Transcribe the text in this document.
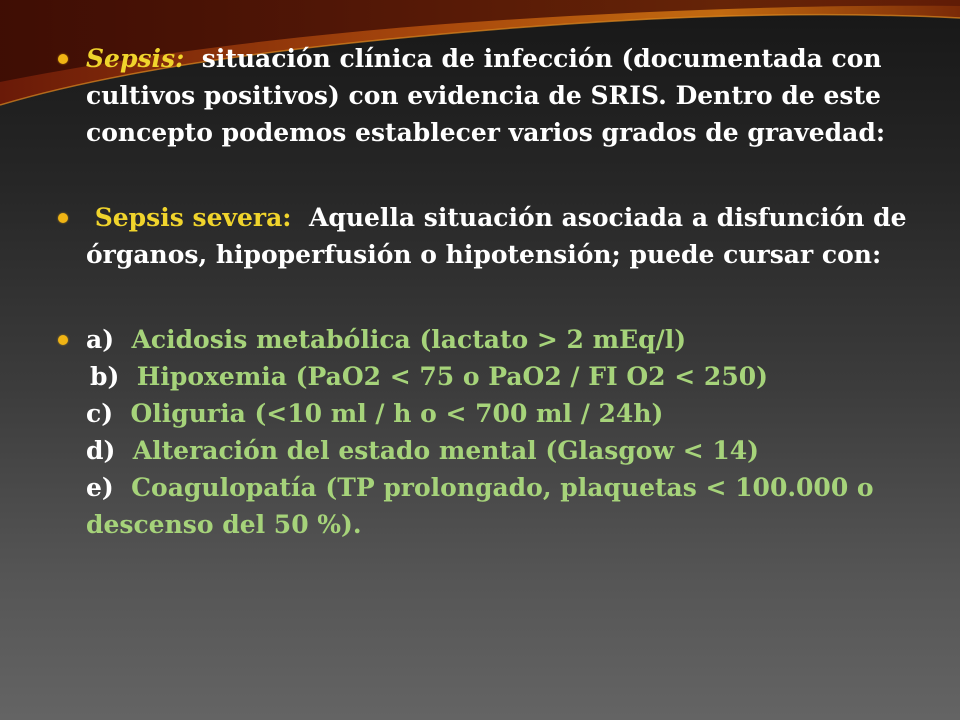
Sepsis: situación clínica de infección (documentada con cultivos positivos) con evidencia de SRIS. Dentro de este concepto podemos establecer varios grados de gravedad:
Sepsis severa: Aquella situación asociada a disfunción de órganos, hipoperfusión o hipotensión; puede cursar con:
a) Acidosis metabólica (lactato > 2 mEq/l)
b) Hipoxemia (PaO2 < 75 o PaO2 / FI O2 < 250)
c) Oliguria (<10 ml / h o < 700 ml / 24h)
d) Alteración del estado mental (Glasgow < 14)
e) Coagulopatía (TP prolongado, plaquetas < 100.000 o descenso del 50 %).
